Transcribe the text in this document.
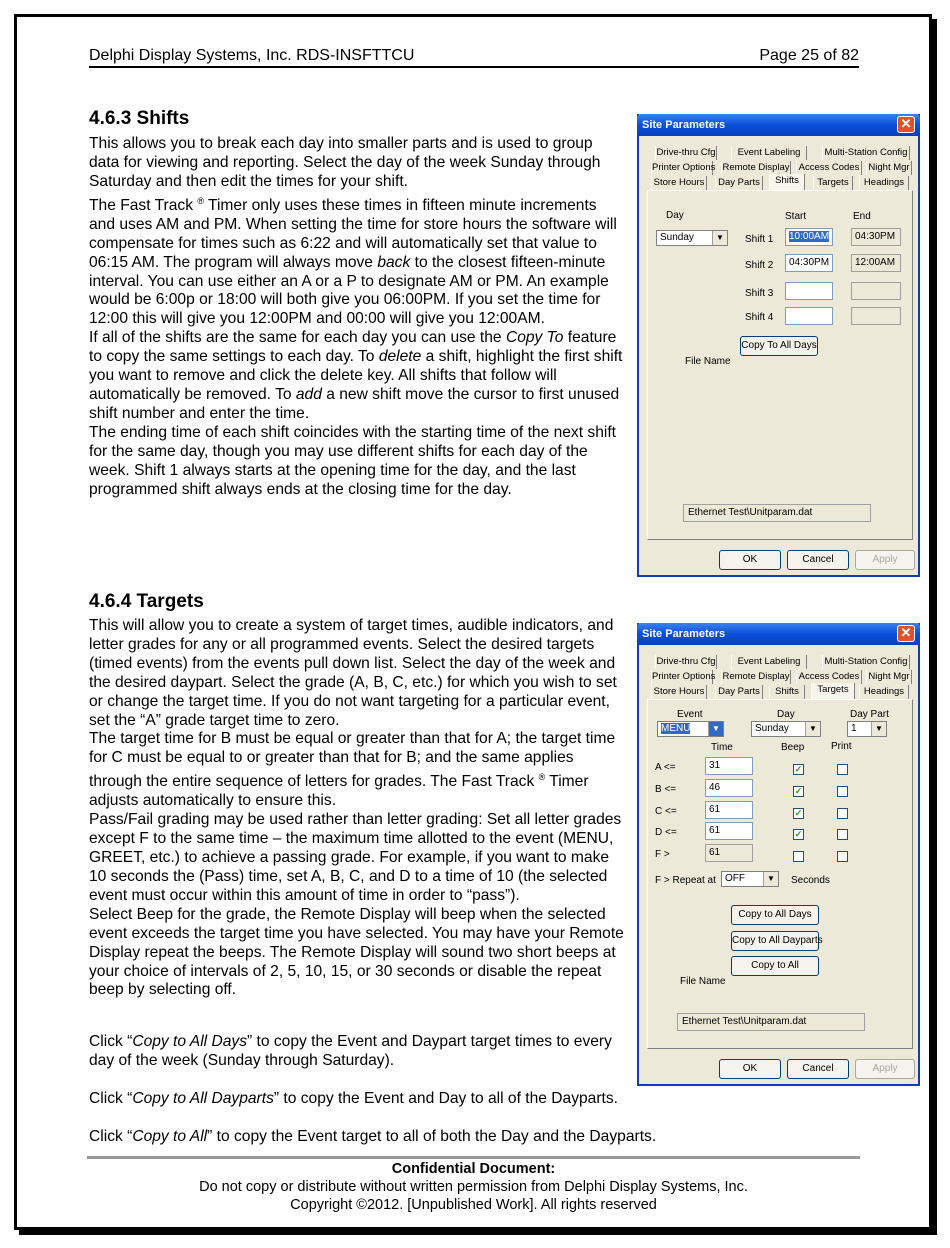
Delphi Display Systems, Inc. RDS-INSFTTCU	Page 25 of 82
4.6.3 Shifts

This allows you to break each day into smaller parts and is used to group data for viewing and reporting. Select the day of the week Sunday through Saturday and then edit the times for your shift.

The Fast Track ® Timer only uses these times in fifteen minute increments and uses AM and PM. When setting the time for store hours the software will compensate for times such as 6:22 and will automatically set that value to 06:15 AM. The program will always move back to the closest fifteen-minute interval. You can use either an A or a P to designate AM or PM. An example would be 6:00p or 18:00 will both give you 06:00PM. If you set the time for 12:00 this will give you 12:00PM and 00:00 will give you 12:00AM.

If all of the shifts are the same for each day you can use the Copy To feature to copy the same settings to each day. To delete a shift, highlight the first shift you want to remove and click the delete key. All shifts that follow will automatically be removed. To add a new shift move the cursor to first unused shift number and enter the time.

The ending time of each shift coincides with the starting time of the next shift for the same day, though you may use different shifts for each day of the week. Shift 1 always starts at the opening time for the day, and the last programmed shift always ends at the closing time for the day.

Site Parameters	✕
Drive-thru Cfg	Event Labeling	Multi-Station Config
Printer Options Remote Display Access Codes Night Mgr
Store Hours	Day Parts	Shifts	Targets	Headings
Day	Start	End
Sunday	▼	Shift 1	10:00AM	04:30PM
Shift 2	04:30PM	12:00AM
Shift 3
Shift 4
Copy To All Days
File Name
Ethernet Test\Unitparam.dat
OK	Cancel	Apply
4.6.4 Targets

This will allow you to create a system of target times, audible indicators, and letter grades for any or all programmed events. Select the desired targets (timed events) from the events pull down list. Select the day of the week and the desired daypart. Select the grade (A, B, C, etc.) for which you wish to set or change the target time. If you do not want targeting for a particular event, set the “A” grade target time to zero.

The target time for B must be equal or greater than that for A; the target time for C must be equal to or greater than that for B; and the same applies through the entire sequence of letters for grades. The Fast Track ® Timer adjusts automatically to ensure this.

Pass/Fail grading may be used rather than letter grading: Set all letter grades except F to the same time – the maximum time allotted to the event (MENU, GREET, etc.) to achieve a passing grade. For example, if you want to make 10 seconds the (Pass) time, set A, B, C, and D to a time of 10 (the selected event must occur within this amount of time in order to “pass”).

Select Beep for the grade, the Remote Display will beep when the selected event exceeds the target time you have selected. You may have your Remote Display repeat the beeps. The Remote Display will sound two short beeps at your choice of intervals of 2, 5, 10, 15, or 30 seconds or disable the repeat beep by selecting off.

Click “Copy to All Days” to copy the Event and Daypart target times to every day of the week (Sunday through Saturday).
Click “Copy to All Dayparts” to copy the Event and Day to all of the Dayparts.
Click “Copy to All” to copy the Event target to all of both the Day and the Dayparts.
Site Parameters	✕
Drive-thru Cfg	Event Labeling	Multi-Station Config
Printer Options Remote Display Access Codes Night Mgr
Store Hours	Day Parts	Shifts	Targets	Headings
Event	Day	Day Part
MENU	▼	Sunday	▼	1	▼
Time	Beep	Print
A <=	31	✓
B <=	46	✓
C <=	61	✓
D <=	61	✓
F >	61
F > Repeat at OFF	▼	Seconds
Copy to All Days
Copy to All Dayparts
Copy to All
File Name
Ethernet Test\Unitparam.dat
OK	Cancel	Apply
Confidential Document:
Do not copy or distribute without written permission from Delphi Display Systems, Inc.
Copyright ©2012. [Unpublished Work]. All rights reserved
